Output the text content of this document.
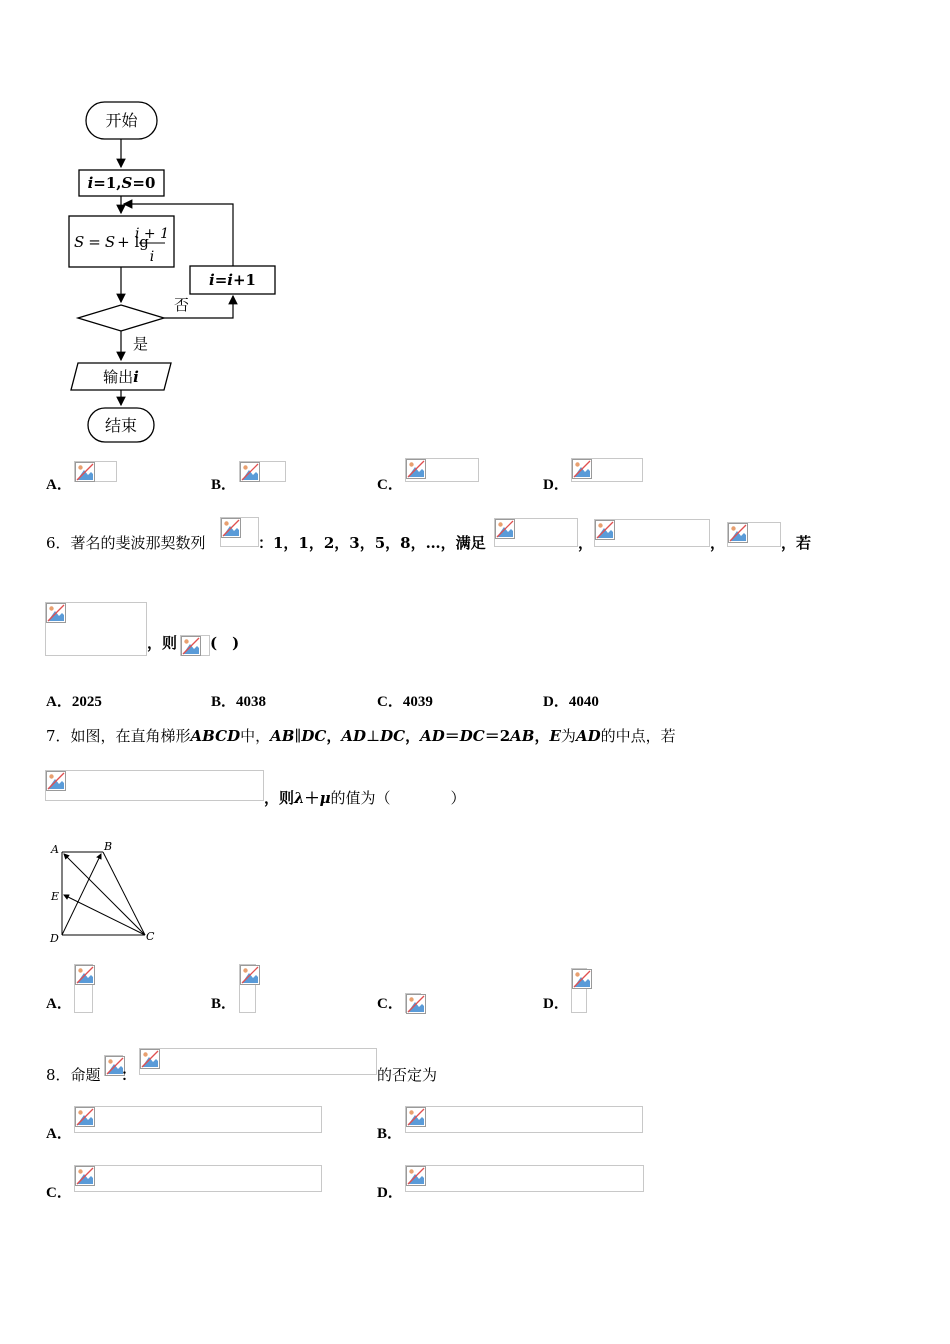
开始
i=1,S=0
S = S + lg
i + 1
i
否
i=i+1
是
输出i
结束
A．	B．	C．	D．
6．著名的斐波那契数列	：1，1，2，3，5，8，…，满足	，	，	，若
，则 (　)
A．2025	B．4038	C．4039	D．4040
7．如图，在直角梯形ABCD中，AB∥DC，AD⊥DC，AD＝DC＝2AB，E为AD的中点，若
，则λ＋μ的值为（　　　　）
A	B
E
D	C
A．	B．	C．	D．
8．命题 ：	的否定为
A．	B．
C．	D．
